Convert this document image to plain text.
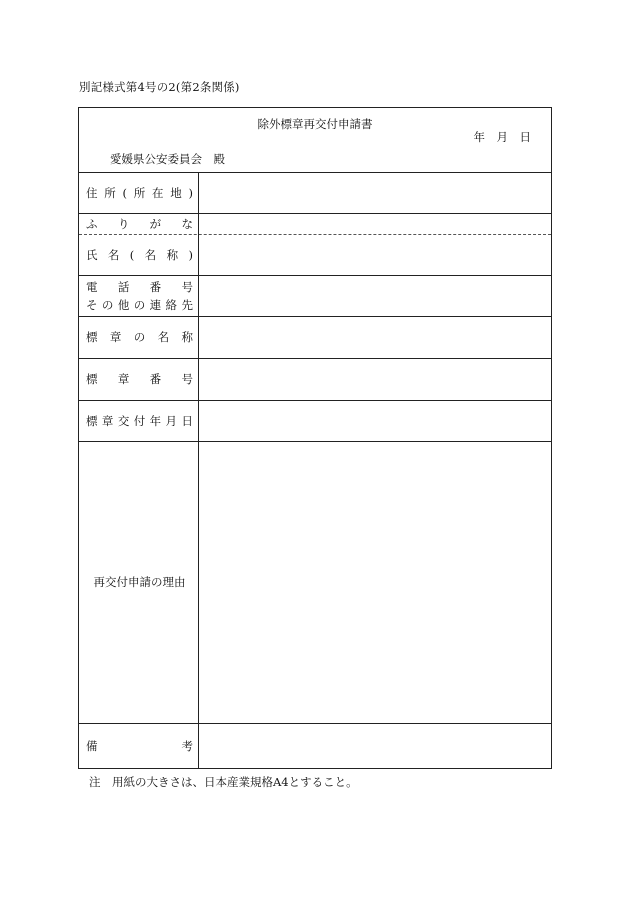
別記様式第4号の2(第2条関係)
除外標章再交付申請書
年　月　日
愛媛県公安委員会　殿
住 所 ( 所 在 地 )
ふ り が な
氏 名 ( 名 称 )
電 話 番 号
そ の 他 の 連 絡 先
標 章 の 名 称
標 章 番 号
標 章 交 付 年 月 日
再交付申請の理由
備	考
注　用紙の大きさは、日本産業規格A4とすること。
